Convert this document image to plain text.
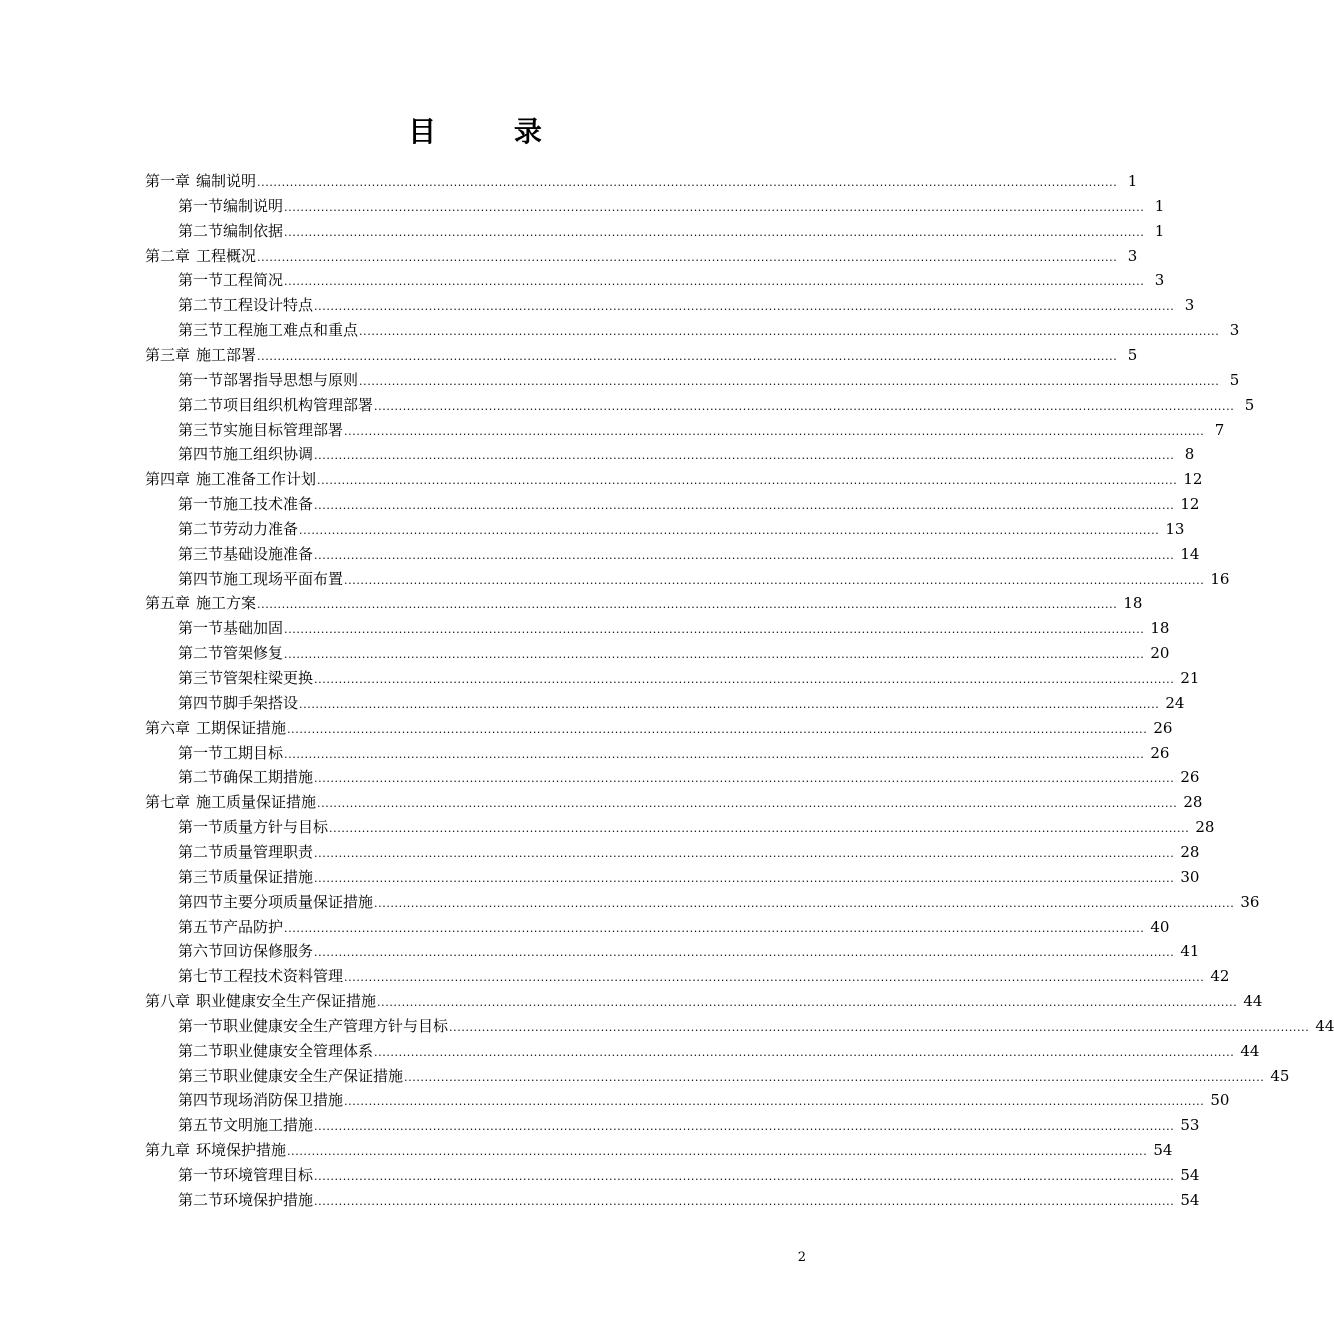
目 录
第一章 编制说明 .................................................................................................................................................................................................................. 1
第一节 编制说明 .................................................................................................................................................................................................................. 1
第二节 编制依据 .................................................................................................................................................................................................................. 1
第二章 工程概况 .................................................................................................................................................................................................................. 3
第一节 工程简况 .................................................................................................................................................................................................................. 3
第二节 工程设计特点 .................................................................................................................................................................................................................. 3
第三节 工程施工难点和重点 .................................................................................................................................................................................................................. 3
第三章 施工部署 .................................................................................................................................................................................................................. 5
第一节 部署指导思想与原则 .................................................................................................................................................................................................................. 5
第二节 项目组织机构管理部署 .................................................................................................................................................................................................................. 5
第三节 实施目标管理部署 .................................................................................................................................................................................................................. 7
第四节 施工组织协调 .................................................................................................................................................................................................................. 8
第四章 施工准备工作计划 .................................................................................................................................................................................................................. 12
第一节 施工技术准备 .................................................................................................................................................................................................................. 12
第二节 劳动力准备 .................................................................................................................................................................................................................. 13
第三节 基础设施准备 .................................................................................................................................................................................................................. 14
第四节 施工现场平面布置 .................................................................................................................................................................................................................. 16
第五章 施工方案 .................................................................................................................................................................................................................. 18
第一节 基础加固 .................................................................................................................................................................................................................. 18
第二节 管架修复 .................................................................................................................................................................................................................. 20
第三节 管架柱梁更换 .................................................................................................................................................................................................................. 21
第四节 脚手架搭设 .................................................................................................................................................................................................................. 24
第六章 工期保证措施 .................................................................................................................................................................................................................. 26
第一节 工期目标 .................................................................................................................................................................................................................. 26
第二节 确保工期措施 .................................................................................................................................................................................................................. 26
第七章 施工质量保证措施 .................................................................................................................................................................................................................. 28
第一节 质量方针与目标 .................................................................................................................................................................................................................. 28
第二节 质量管理职责 .................................................................................................................................................................................................................. 28
第三节 质量保证措施 .................................................................................................................................................................................................................. 30
第四节 主要分项质量保证措施 .................................................................................................................................................................................................................. 36
第五节 产品防护 .................................................................................................................................................................................................................. 40
第六节 回访保修服务 .................................................................................................................................................................................................................. 41
第七节 工程技术资料管理 .................................................................................................................................................................................................................. 42
第八章 职业健康安全生产保证措施 .................................................................................................................................................................................................................. 44
第一节 职业健康安全生产管理方针与目标 .................................................................................................................................................................................................................. 44
第二节 职业健康安全管理体系 .................................................................................................................................................................................................................. 44
第三节 职业健康安全生产保证措施 .................................................................................................................................................................................................................. 45
第四节 现场消防保卫措施 .................................................................................................................................................................................................................. 50
第五节 文明施工措施 .................................................................................................................................................................................................................. 53
第九章 环境保护措施 .................................................................................................................................................................................................................. 54
第一节 环境管理目标 .................................................................................................................................................................................................................. 54
第二节 环境保护措施 .................................................................................................................................................................................................................. 54
2
